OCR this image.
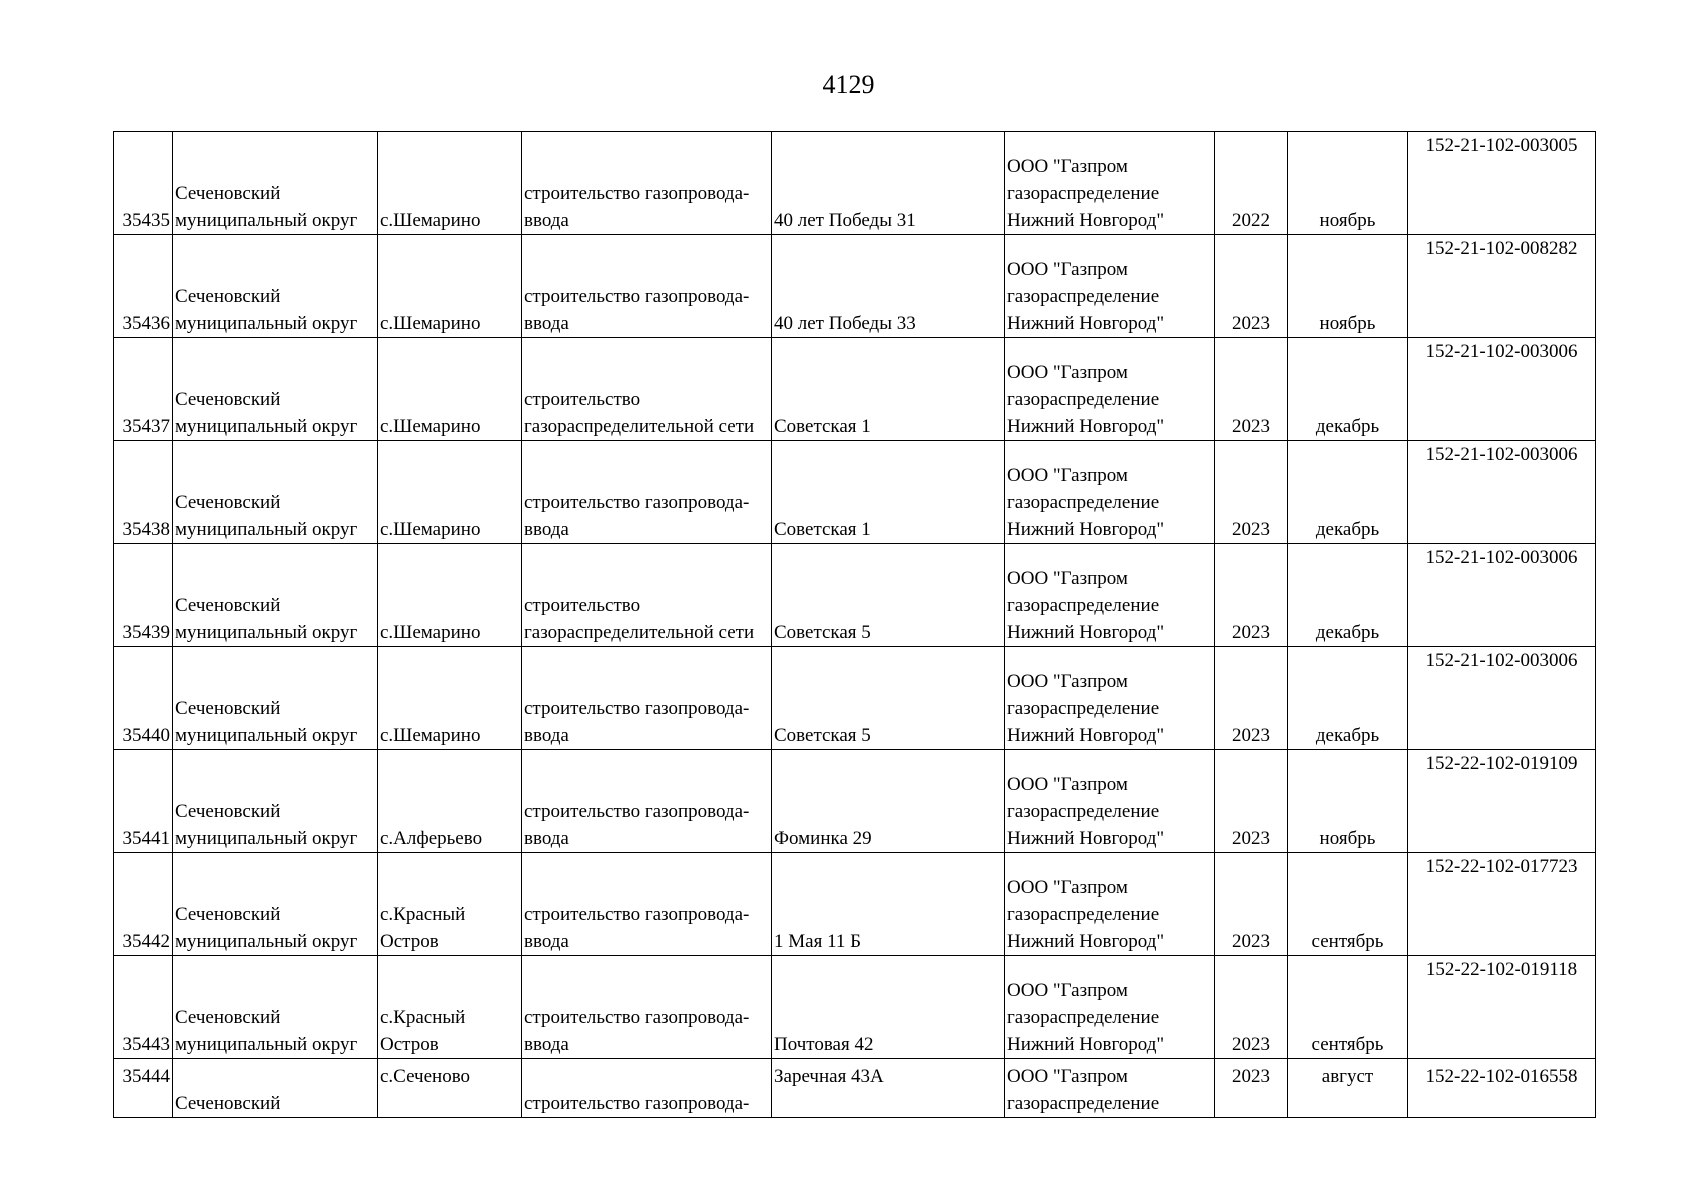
4129
35435	Сеченовский
муниципальный округ	с.Шемарино	строительство газопровода-
ввода	40 лет Победы 31	ООО "Газпром
газораспределение
Нижний Новгород"	2022	ноябрь	152-21-102-003005
35436	Сеченовский
муниципальный округ	с.Шемарино	строительство газопровода-
ввода	40 лет Победы 33	ООО "Газпром
газораспределение
Нижний Новгород"	2023	ноябрь	152-21-102-008282
35437	Сеченовский
муниципальный округ	с.Шемарино	строительство
газораспределительной сети	Советская 1	ООО "Газпром
газораспределение
Нижний Новгород"	2023	декабрь	152-21-102-003006
35438	Сеченовский
муниципальный округ	с.Шемарино	строительство газопровода-
ввода	Советская 1	ООО "Газпром
газораспределение
Нижний Новгород"	2023	декабрь	152-21-102-003006
35439	Сеченовский
муниципальный округ	с.Шемарино	строительство
газораспределительной сети	Советская 5	ООО "Газпром
газораспределение
Нижний Новгород"	2023	декабрь	152-21-102-003006
35440	Сеченовский
муниципальный округ	с.Шемарино	строительство газопровода-
ввода	Советская 5	ООО "Газпром
газораспределение
Нижний Новгород"	2023	декабрь	152-21-102-003006
35441	Сеченовский
муниципальный округ	с.Алферьево	строительство газопровода-
ввода	Фоминка 29	ООО "Газпром
газораспределение
Нижний Новгород"	2023	ноябрь	152-22-102-019109
35442	Сеченовский
муниципальный округ	с.Красный
Остров	строительство газопровода-
ввода	1 Мая 11 Б	ООО "Газпром
газораспределение
Нижний Новгород"	2023	сентябрь	152-22-102-017723
35443	Сеченовский
муниципальный округ	с.Красный
Остров	строительство газопровода-
ввода	Почтовая 42	ООО "Газпром
газораспределение
Нижний Новгород"	2023	сентябрь	152-22-102-019118
35444	Сеченовский	с.Сеченово	строительство газопровода-	Заречная 43А	ООО "Газпром
газораспределение	2023	август	152-22-102-016558
